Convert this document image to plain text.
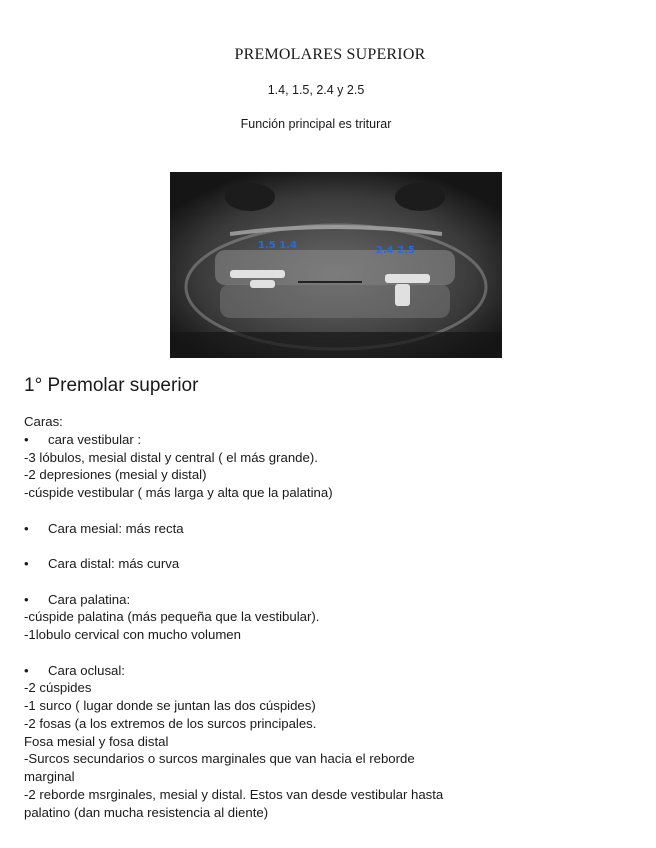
PREMOLARES SUPERIOR
1.4, 1.5, 2.4 y 2.5
Función principal es triturar
1.5 1.4	2.4 2.5
1° Premolar superior
Caras:
• cara vestibular :
-3 lóbulos, mesial distal y central ( el más grande).
-2 depresiones (mesial y distal)
-cúspide vestibular ( más larga y alta que la palatina)
• Cara mesial: más recta
• Cara distal: más curva
• Cara palatina:
-cúspide palatina (más pequeña que la vestibular).
-1lobulo cervical con mucho volumen
• Cara oclusal:
-2 cúspides
-1 surco ( lugar donde se juntan las dos cúspides)
-2 fosas (a los extremos de los surcos principales.
Fosa mesial y fosa distal
-Surcos secundarios o surcos marginales que van hacia el reborde
marginal
-2 reborde msrginales, mesial y distal. Estos van desde vestibular hasta
palatino (dan mucha resistencia al diente)
